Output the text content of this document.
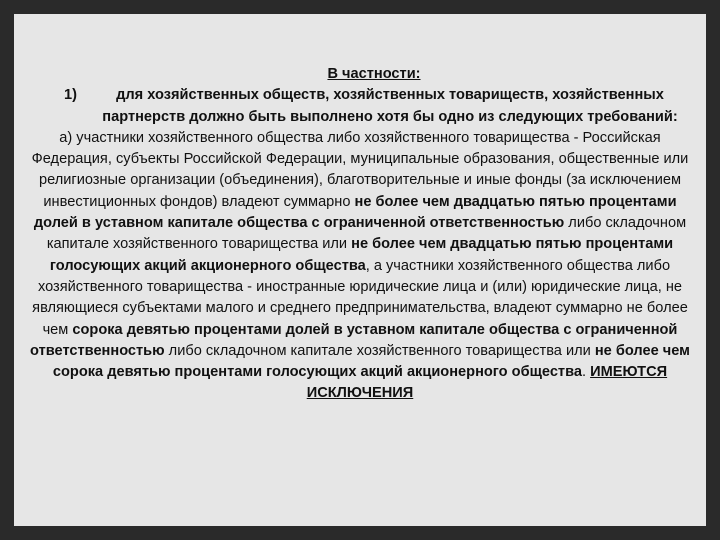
В частности:
1)	для хозяйственных обществ, хозяйственных товариществ, хозяйственных партнерств должно быть выполнено хотя бы одно из следующих требований:

а) участники хозяйственного общества либо хозяйственного товарищества - Российская Федерация, субъекты Российской Федерации, муниципальные образования, общественные или религиозные организации (объединения), благотворительные и иные фонды (за исключением инвестиционных фондов) владеют суммарно не более чем двадцатью пятью процентами долей в уставном капитале общества с ограниченной ответственностью либо складочном капитале хозяйственного товарищества или не более чем двадцатью пятью процентами голосующих акций акционерного общества, а участники хозяйственного общества либо хозяйственного товарищества - иностранные юридические лица и (или) юридические лица, не являющиеся субъектами малого и среднего предпринимательства, владеют суммарно не более чем сорока девятью процентами долей в уставном капитале общества с ограниченной ответственностью либо складочном капитале хозяйственного товарищества или не более чем сорока девятью процентами голосующих акций акционерного общества. ИМЕЮТСЯ ИСКЛЮЧЕНИЯ
